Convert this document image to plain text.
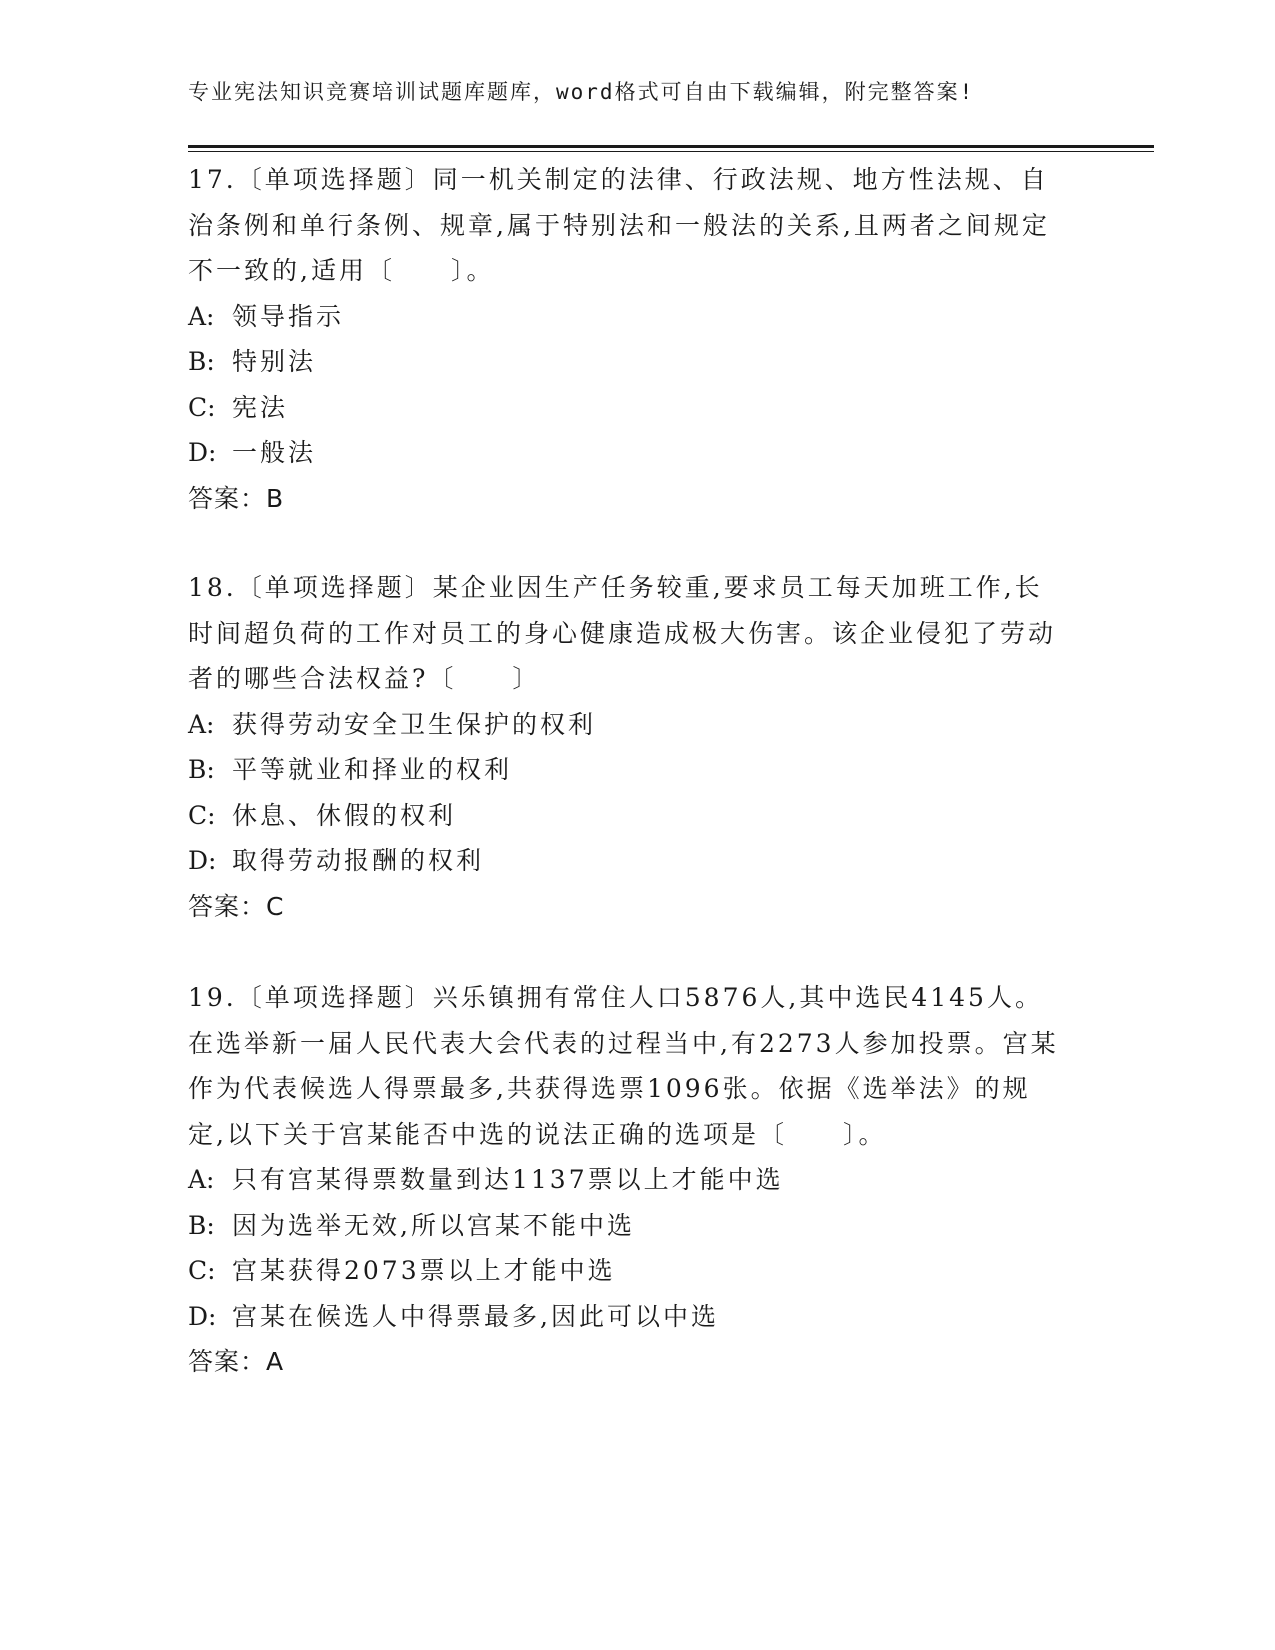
专业宪法知识竞赛培训试题库题库，word格式可自由下载编辑，附完整答案!

17.〔单项选择题〕同一机关制定的法律、行政法规、地方性法规、自治条例和单行条例、规章,属于特别法和一般法的关系,且两者之间规定不一致的,适用〔　　〕。

A: 领导指示
B: 特别法
C: 宪法
D: 一般法
答案：B

18.〔单项选择题〕某企业因生产任务较重,要求员工每天加班工作,长时间超负荷的工作对员工的身心健康造成极大伤害。该企业侵犯了劳动者的哪些合法权益?〔　　〕

A: 获得劳动安全卫生保护的权利
B: 平等就业和择业的权利
C: 休息、休假的权利
D: 取得劳动报酬的权利
答案：C

19.〔单项选择题〕兴乐镇拥有常住人口5876人,其中选民4145人。在选举新一届人民代表大会代表的过程当中,有2273人参加投票。宫某作为代表候选人得票最多,共获得选票1096张。依据《选举法》的规定,以下关于宫某能否中选的说法正确的选项是〔　　〕。

A: 只有宫某得票数量到达1137票以上才能中选
B: 因为选举无效,所以宫某不能中选
C: 宫某获得2073票以上才能中选
D: 宫某在候选人中得票最多,因此可以中选
答案：A
